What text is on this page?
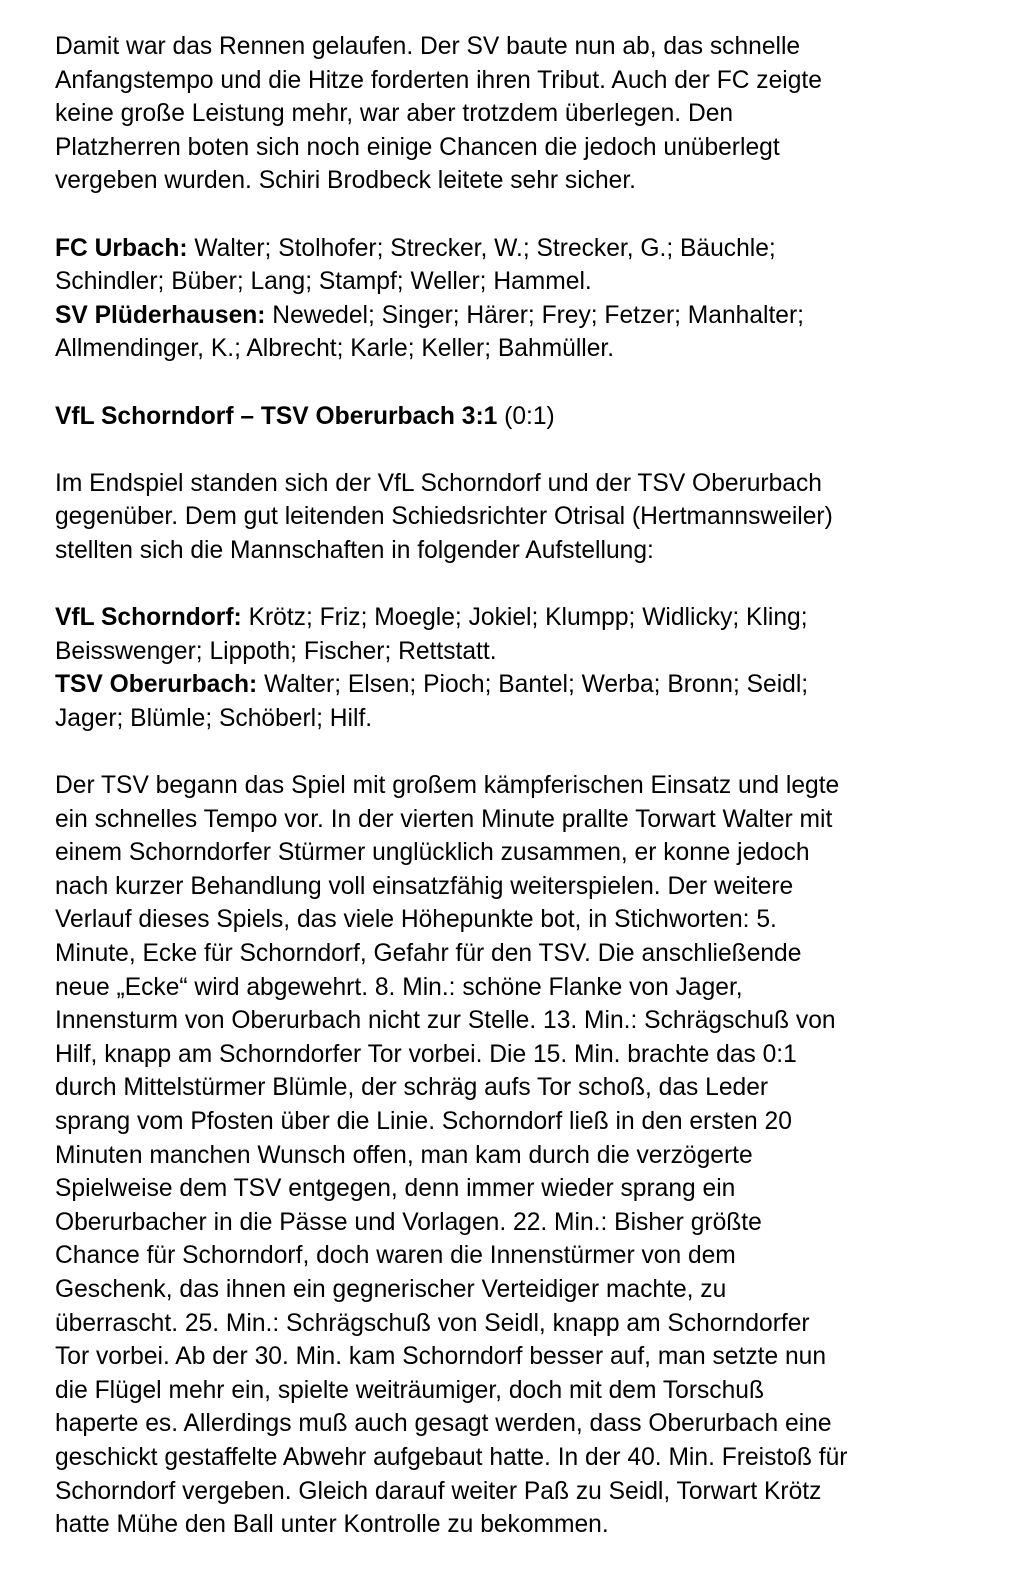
Damit war das Rennen gelaufen. Der SV baute nun ab, das schnelle
Anfangstempo und die Hitze forderten ihren Tribut. Auch der FC zeigte
keine große Leistung mehr, war aber trotzdem überlegen. Den
Platzherren boten sich noch einige Chancen die jedoch unüberlegt
vergeben wurden. Schiri Brodbeck leitete sehr sicher.
FC Urbach: Walter; Stolhofer; Strecker, W.; Strecker, G.; Bäuchle;
Schindler; Büber; Lang; Stampf; Weller; Hammel.
SV Plüderhausen: Newedel; Singer; Härer; Frey; Fetzer; Manhalter;
Allmendinger, K.; Albrecht; Karle; Keller; Bahmüller.
VfL Schorndorf – TSV Oberurbach 3:1 (0:1)
Im Endspiel standen sich der VfL Schorndorf und der TSV Oberurbach
gegenüber. Dem gut leitenden Schiedsrichter Otrisal (Hertmannsweiler)
stellten sich die Mannschaften in folgender Aufstellung:
VfL Schorndorf: Krötz; Friz; Moegle; Jokiel; Klumpp; Widlicky; Kling;
Beisswenger; Lippoth; Fischer; Rettstatt.
TSV Oberurbach: Walter; Elsen; Pioch; Bantel; Werba; Bronn; Seidl;
Jager; Blümle; Schöberl; Hilf.
Der TSV begann das Spiel mit großem kämpferischen Einsatz und legte
ein schnelles Tempo vor. In der vierten Minute prallte Torwart Walter mit
einem Schorndorfer Stürmer unglücklich zusammen, er konne jedoch
nach kurzer Behandlung voll einsatzfähig weiterspielen. Der weitere
Verlauf dieses Spiels, das viele Höhepunkte bot, in Stichworten: 5.
Minute, Ecke für Schorndorf, Gefahr für den TSV. Die anschließende
neue „Ecke“ wird abgewehrt. 8. Min.: schöne Flanke von Jager,
Innensturm von Oberurbach nicht zur Stelle. 13. Min.: Schrägschuß von
Hilf, knapp am Schorndorfer Tor vorbei. Die 15. Min. brachte das 0:1
durch Mittelstürmer Blümle, der schräg aufs Tor schoß, das Leder
sprang vom Pfosten über die Linie. Schorndorf ließ in den ersten 20
Minuten manchen Wunsch offen, man kam durch die verzögerte
Spielweise dem TSV entgegen, denn immer wieder sprang ein
Oberurbacher in die Pässe und Vorlagen. 22. Min.: Bisher größte
Chance für Schorndorf, doch waren die Innenstürmer von dem
Geschenk, das ihnen ein gegnerischer Verteidiger machte, zu
überrascht. 25. Min.: Schrägschuß von Seidl, knapp am Schorndorfer
Tor vorbei. Ab der 30. Min. kam Schorndorf besser auf, man setzte nun
die Flügel mehr ein, spielte weiträumiger, doch mit dem Torschuß
haperte es. Allerdings muß auch gesagt werden, dass Oberurbach eine
geschickt gestaffelte Abwehr aufgebaut hatte. In der 40. Min. Freistoß für
Schorndorf vergeben. Gleich darauf weiter Paß zu Seidl, Torwart Krötz
hatte Mühe den Ball unter Kontrolle zu bekommen.
